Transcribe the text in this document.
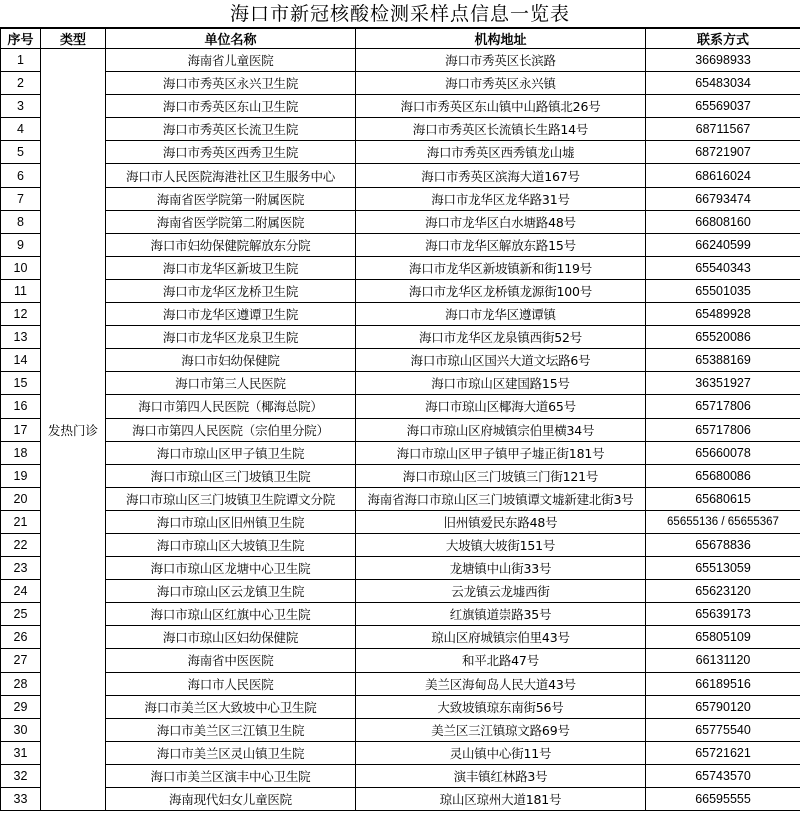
海口市新冠核酸检测采样点信息一览表
序号	类型	单位名称	机构地址	联系方式
1	发热门诊	海南省儿童医院	海口市秀英区长滨路	36698933
2		海口市秀英区永兴卫生院	海口市秀英区永兴镇	65483034
3		海口市秀英区东山卫生院	海口市秀英区东山镇中山路镇北26号	65569037
4		海口市秀英区长流卫生院	海口市秀英区长流镇长生路14号	68711567
5		海口市秀英区西秀卫生院	海口市秀英区西秀镇龙山墟	68721907
6		海口市人民医院海港社区卫生服务中心	海口市秀英区滨海大道167号	68616024
7		海南省医学院第一附属医院	海口市龙华区龙华路31号	66793474
8		海南省医学院第二附属医院	海口市龙华区白水塘路48号	66808160
9		海口市妇幼保健院解放东分院	海口市龙华区解放东路15号	66240599
10		海口市龙华区新坡卫生院	海口市龙华区新坡镇新和街119号	65540343
11		海口市龙华区龙桥卫生院	海口市龙华区龙桥镇龙源街100号	65501035
12		海口市龙华区遵谭卫生院	海口市龙华区遵谭镇	65489928
13		海口市龙华区龙泉卫生院	海口市龙华区龙泉镇西街52号	65520086
14		海口市妇幼保健院	海口市琼山区国兴大道文坛路6号	65388169
15		海口市第三人民医院	海口市琼山区建国路15号	36351927
16		海口市第四人民医院（椰海总院）	海口市琼山区椰海大道65号	65717806
17		海口市第四人民医院（宗伯里分院）	海口市琼山区府城镇宗伯里横34号	65717806
18		海口市琼山区甲子镇卫生院	海口市琼山区甲子镇甲子墟正街181号	65660078
19		海口市琼山区三门坡镇卫生院	海口市琼山区三门坡镇三门街121号	65680086
20		海口市琼山区三门坡镇卫生院谭文分院	海南省海口市琼山区三门坡镇谭文墟新建北街3号	65680615
21		海口市琼山区旧州镇卫生院	旧州镇爱民东路48号	65655136 / 65655367
22		海口市琼山区大坡镇卫生院	大坡镇大坡街151号	65678836
23		海口市琼山区龙塘中心卫生院	龙塘镇中山街33号	65513059
24		海口市琼山区云龙镇卫生院	云龙镇云龙墟西街	65623120
25		海口市琼山区红旗中心卫生院	红旗镇道崇路35号	65639173
26		海口市琼山区妇幼保健院	琼山区府城镇宗伯里43号	65805109
27		海南省中医医院	和平北路47号	66131120
28		海口市人民医院	美兰区海甸岛人民大道43号	66189516
29		海口市美兰区大致坡中心卫生院	大致坡镇琼东南街56号	65790120
30		海口市美兰区三江镇卫生院	美兰区三江镇琼文路69号	65775540
31		海口市美兰区灵山镇卫生院	灵山镇中心街11号	65721621
32		海口市美兰区演丰中心卫生院	演丰镇红林路3号	65743570
33		海南现代妇女儿童医院	琼山区琼州大道181号	66595555
